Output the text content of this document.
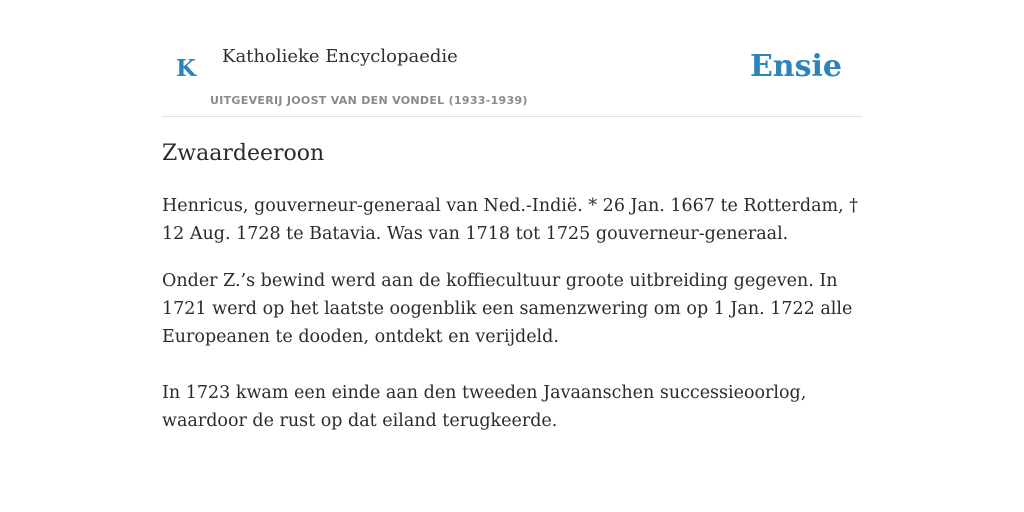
K Katholieke Encyclopaedie
UITGEVERIJ JOOST VAN DEN VONDEL (1933-1939)
Ensie
Zwaardeeroon

Henricus, gouverneur-generaal van Ned.-Indië. * 26 Jan. 1667 te Rotterdam, † 12 Aug. 1728 te Batavia. Was van 1718 tot 1725 gouverneur-generaal.

Onder Z.’s bewind werd aan de koffiecultuur groote uitbreiding gegeven. In 1721 werd op het laatste oogenblik een samenzwering om op 1 Jan. 1722 alle Europeanen te dooden, ontdekt en verijdeld.

In 1723 kwam een einde aan den tweeden Javaanschen successieoorlog, waardoor de rust op dat eiland terugkeerde.
